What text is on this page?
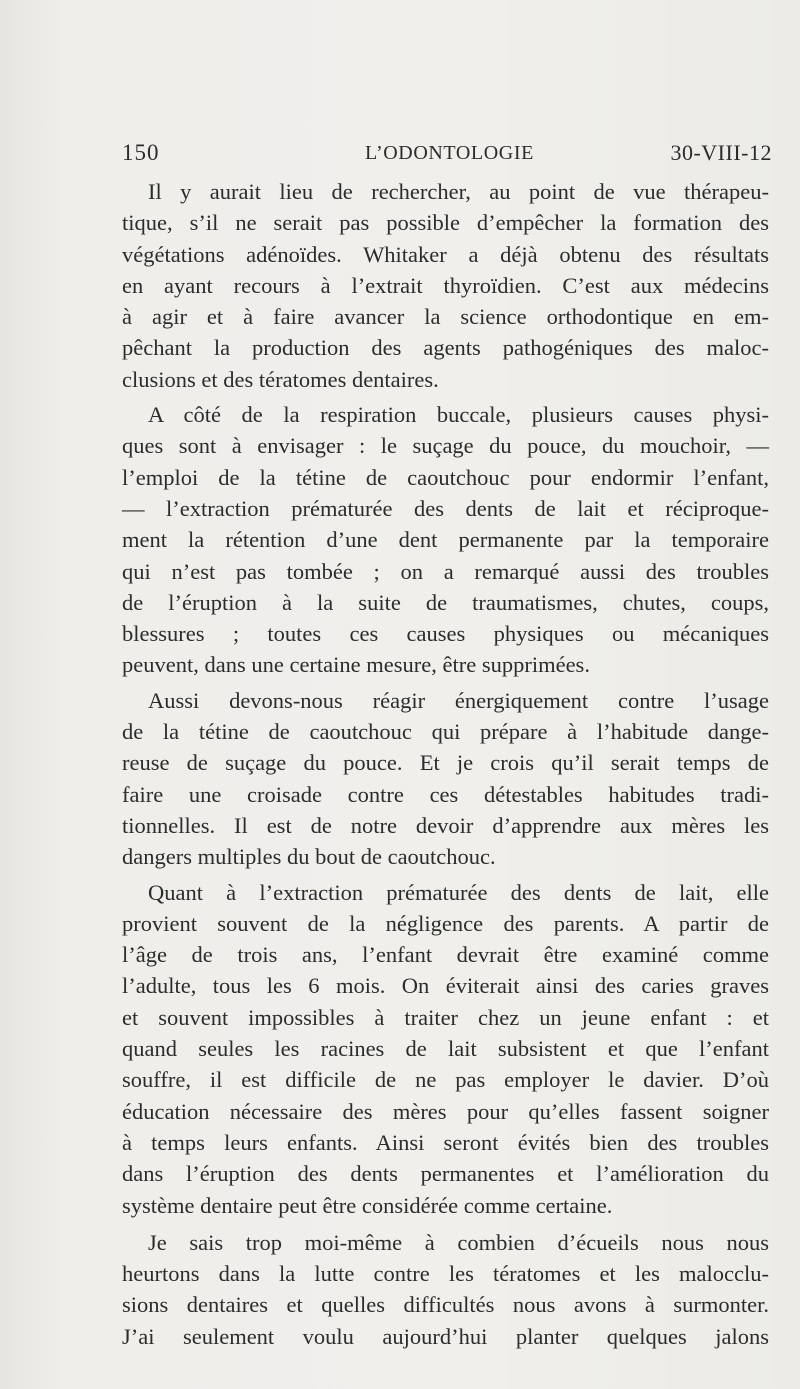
150	L’ODONTOLOGIE	30-VIII-12
Il y aurait lieu de rechercher, au point de vue thérapeu-
tique, s’il ne serait pas possible d’empêcher la formation des
végétations adénoïdes. Whitaker a déjà obtenu des résultats
en ayant recours à l’extrait thyroïdien. C’est aux médecins
à agir et à faire avancer la science orthodontique en em-
pêchant la production des agents pathogéniques des maloc-
clusions et des tératomes dentaires.
A côté de la respiration buccale, plusieurs causes physi-
ques sont à envisager : le suçage du pouce, du mouchoir, —
l’emploi de la tétine de caoutchouc pour endormir l’enfant,
— l’extraction prématurée des dents de lait et réciproque-
ment la rétention d’une dent permanente par la temporaire
qui n’est pas tombée ; on a remarqué aussi des troubles
de l’éruption à la suite de traumatismes, chutes, coups,
blessures ; toutes ces causes physiques ou mécaniques
peuvent, dans une certaine mesure, être supprimées.
Aussi devons-nous réagir énergiquement contre l’usage
de la tétine de caoutchouc qui prépare à l’habitude dange-
reuse de suçage du pouce. Et je crois qu’il serait temps de
faire une croisade contre ces détestables habitudes tradi-
tionnelles. Il est de notre devoir d’apprendre aux mères les
dangers multiples du bout de caoutchouc.
Quant à l’extraction prématurée des dents de lait, elle
provient souvent de la négligence des parents. A partir de
l’âge de trois ans, l’enfant devrait être examiné comme
l’adulte, tous les 6 mois. On éviterait ainsi des caries graves
et souvent impossibles à traiter chez un jeune enfant : et
quand seules les racines de lait subsistent et que l’enfant
souffre, il est difficile de ne pas employer le davier. D’où
éducation nécessaire des mères pour qu’elles fassent soigner
à temps leurs enfants. Ainsi seront évités bien des troubles
dans l’éruption des dents permanentes et l’amélioration du
système dentaire peut être considérée comme certaine.
Je sais trop moi-même à combien d’écueils nous nous
heurtons dans la lutte contre les tératomes et les malocclu-
sions dentaires et quelles difficultés nous avons à surmonter.
J’ai seulement voulu aujourd’hui planter quelques jalons
